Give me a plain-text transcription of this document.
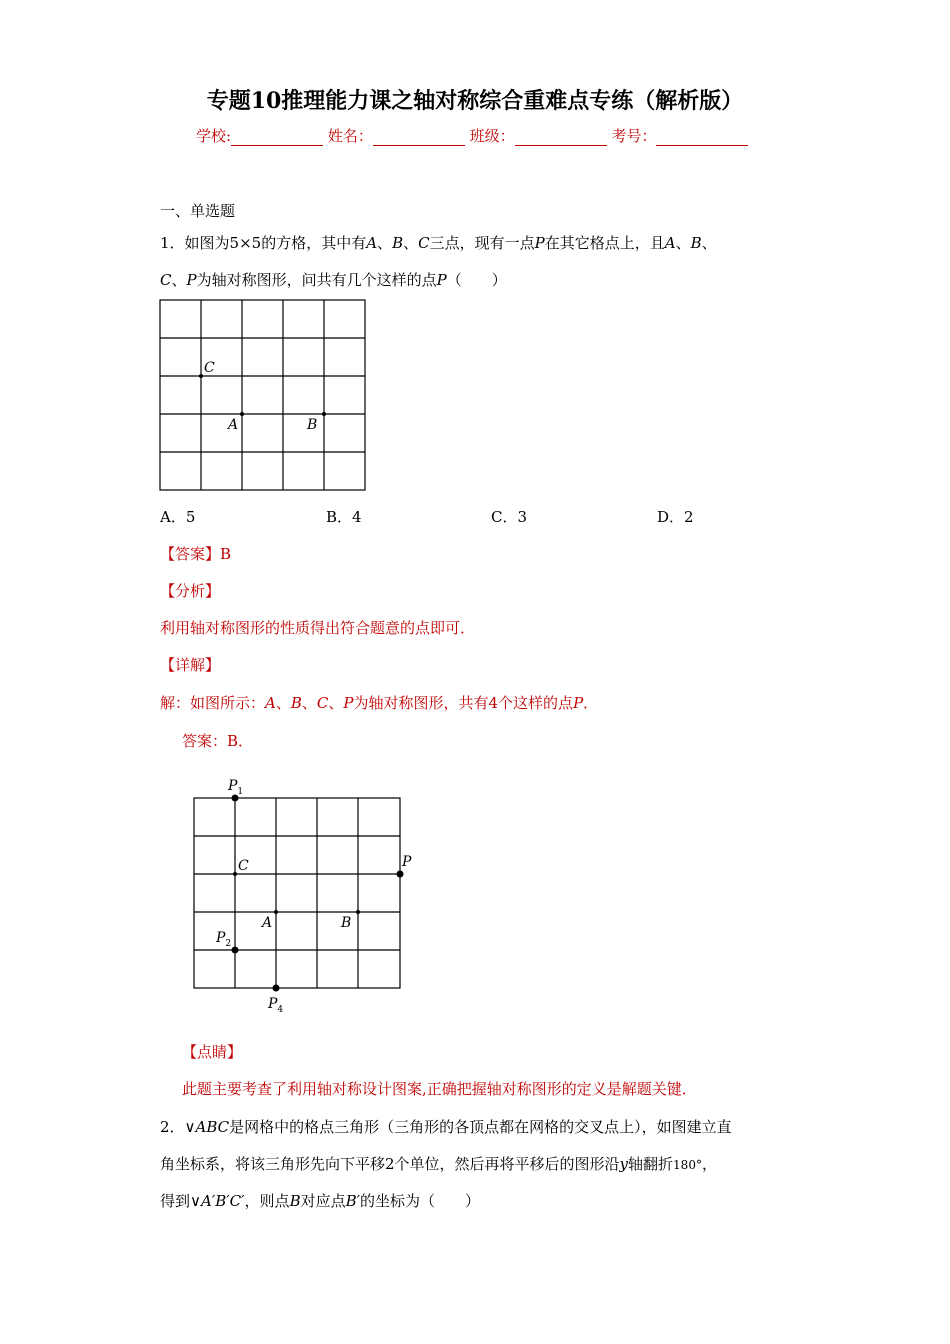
专题10推理能力课之轴对称综合重难点专练（解析版）
学校:	姓名：	班级：	考号：
一、单选题
1．如图为5×5的方格，其中有A、B、C三点，现有一点P在其它格点上，且A、B、
C、P为轴对称图形，问共有几个这样的点P（　　）
C
A	B
A．5	B．4	C．3	D．2
【答案】B
【分析】
利用轴对称图形的性质得出符合题意的点即可．
【详解】
解：如图所示：A、B、C、P为轴对称图形，共有4个这样的点P．
答案：B．
$P_1$
C	P
A	B
$P_2$
$P_4$
【点睛】
此题主要考查了利用轴对称设计图案,正确把握轴对称图形的定义是解题关键．
2．∨ABC是网格中的格点三角形（三角形的各顶点都在网格的交叉点上），如图建立直
角坐标系，将该三角形先向下平移2个单位，然后再将平移后的图形沿y轴翻折180°，
得到∨A′B′C′，则点B对应点B′的坐标为（　　）
